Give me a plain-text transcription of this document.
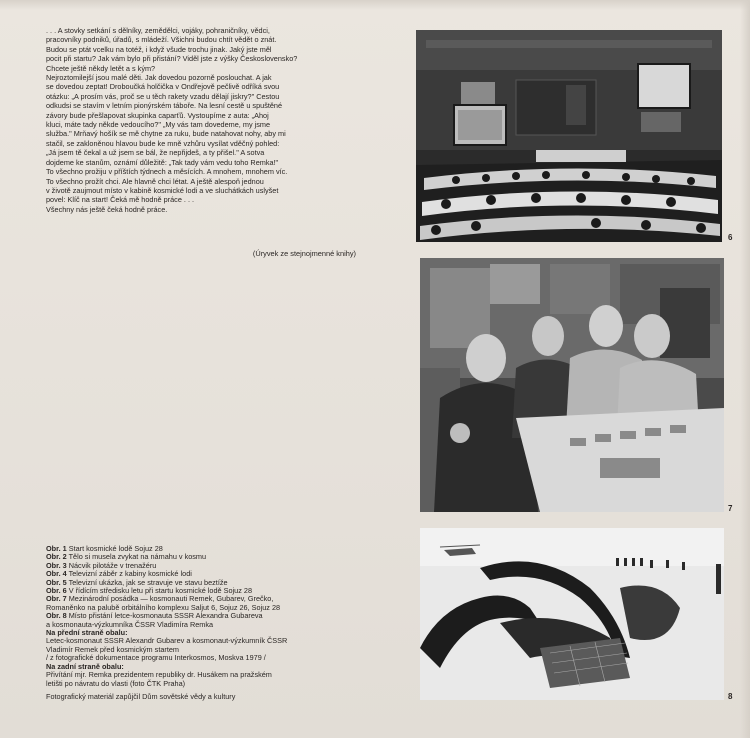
. . . A stovky setkání s dělníky, zemědělci, vojáky, pohraničníky, vědci,

pracovníky podniků, úřadů, s mládeží. Všichni budou chtít vědět o znát.

Budou se ptát vcelku na totéž, i když všude trochu jinak. Jaký jste měl

pocit při startu? Jak vám bylo při přistání? Viděl jste z výšky Československo?

Chcete ještě někdy letět a s kým?

Nejroztomilejší jsou malé děti. Jak dovedou pozorně poslouchat. A jak

se dovedou zeptat! Droboučká holčička v Ondřejově pečlivě odříká svou

otázku: „A prosím vás, proč se u těch rakety vzadu dělají jiskry?" Cestou

odkudsi se stavím v letním pionýrském táboře. Na lesní cestě u spuštěné

závory bude přešlapovat skupinka caparťů. Vystoupíme z auta: „Ahoj

kluci, máte tady někde vedoucího?" „My vás tam dovedeme, my jsme

služba." Mrňavý hošík se mě chytne za ruku, bude natahovat nohy, aby mi

stačil, se zakloněnou hlavou bude ke mně vzhůru vysílat vděčný pohled:

„Já jsem tě čekal a už jsem se bál, že nepřijdeš, a ty přišel." A sotva

dojdeme ke stanům, oznámí důležitě: „Tak tady vám vedu toho Remka!"

To všechno prožiju v příštích týdnech a měsících. A mnohem, mnohem víc.

To všechno prožít chci. Ale hlavně chci létat. A ještě alespoň jednou

v životě zaujmout místo v kabině kosmické lodi a ve sluchátkách uslyšet

povel: Klíč na start! Čeká mě hodně práce . . .

Všechny nás ještě čeká hodně práce.

(Úryvek ze stejnojmenné knihy)
Obr. 1 Start kosmické lodě Sojuz 28
Obr. 2 Tělo si musela zvykat na námahu v kosmu
Obr. 3 Nácvik pilotáže v trenažéru
Obr. 4 Televizní záběr z kabiny kosmické lodi
Obr. 5 Televizní ukázka, jak se stravuje ve stavu beztíže
Obr. 6 V řídícím středisku letu při startu kosmické lodě Sojuz 28
Obr. 7 Mezinárodní posádka — kosmonauti Remek, Gubarev, Grečko,
Romaněnko na palubě orbitálního komplexu Saljut 6, Sojuz 26, Sojuz 28
Obr. 8 Místo přistání letce-kosmonauta SSSR Alexandra Gubareva
a kosmonauta-výzkumníka ČSSR Vladimíra Remka
Na přední straně obalu:
Letec-kosmonaut SSSR Alexandr Gubarev a kosmonaut-výzkumník ČSSR
Vladimír Remek před kosmickým startem
/ z fotografické dokumentace programu Interkosmos, Moskva 1979 /
Na zadní straně obalu:
Přivítání mjr. Remka prezidentem republiky dr. Husákem na pražském
letišti po návratu do vlasti (foto ČTK Praha)
Fotografický materiál zapůjčil Dům sovětské vědy a kultury
6
7
8
